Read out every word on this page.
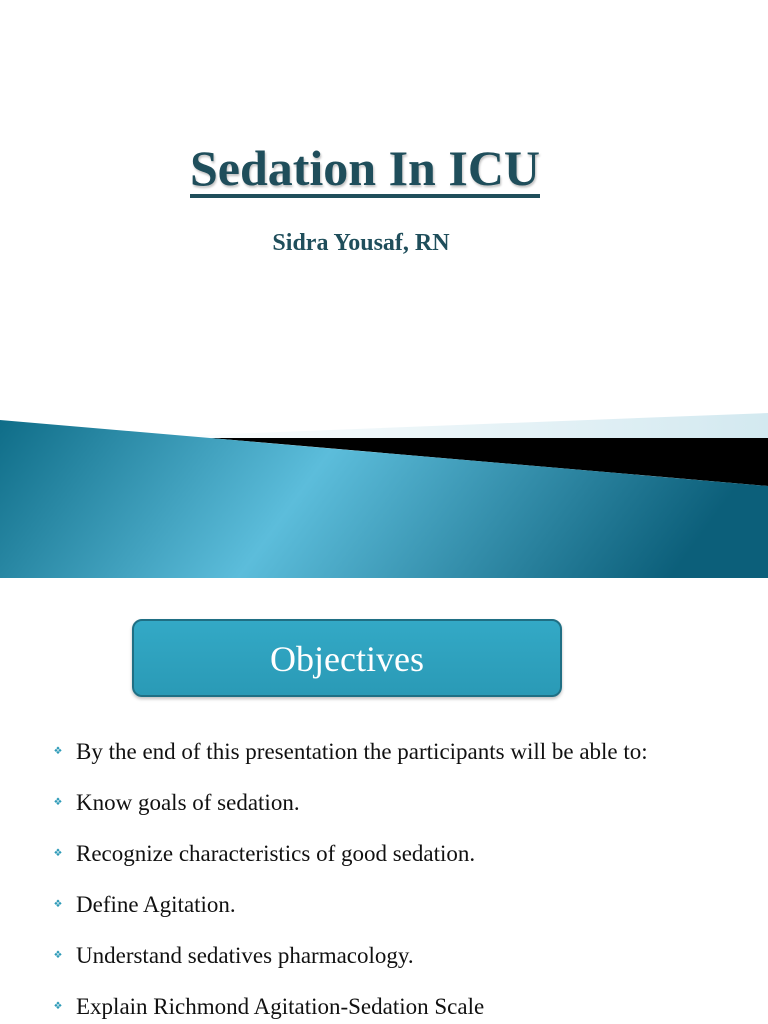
Sedation In ICU
Sidra Yousaf, RN
Objectives
❖ By the end of this presentation the participants will be able to:
❖ Know goals of sedation.
❖ Recognize characteristics of good sedation.
❖ Define Agitation.
❖ Understand sedatives pharmacology.
❖ Explain Richmond Agitation-Sedation Scale
